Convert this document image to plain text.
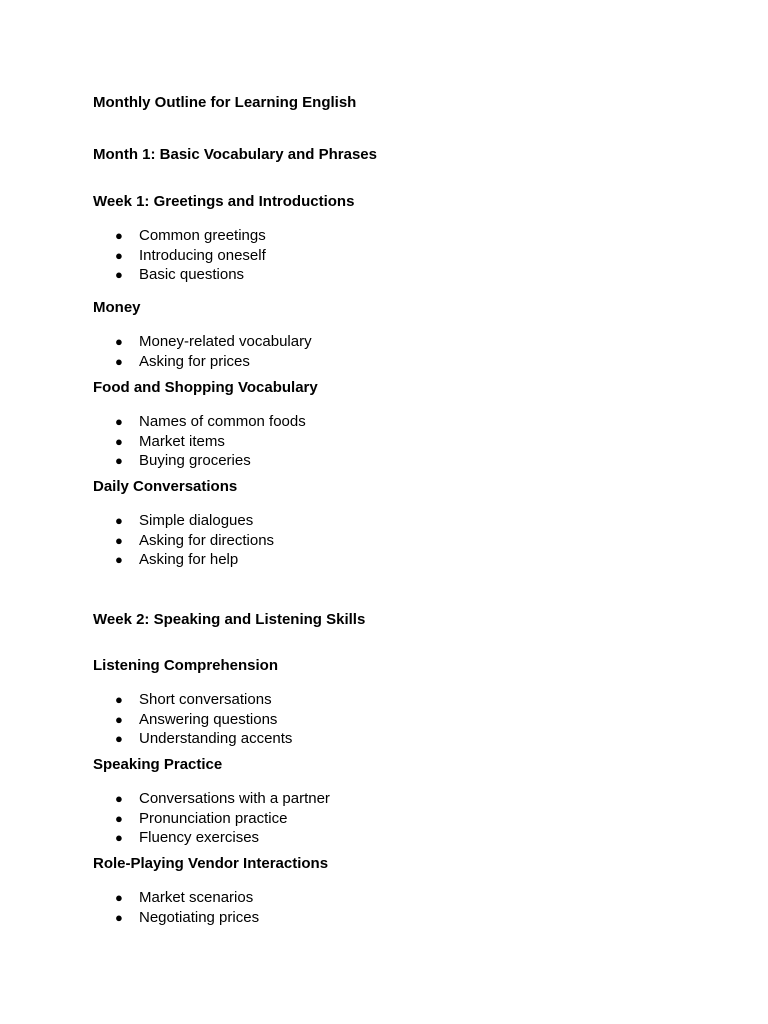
Monthly Outline for Learning English
Month 1: Basic Vocabulary and Phrases
Week 1: Greetings and Introductions
● Common greetings
● Introducing oneself
● Basic questions
Money
● Money-related vocabulary
● Asking for prices
Food and Shopping Vocabulary
● Names of common foods
● Market items
● Buying groceries
Daily Conversations
● Simple dialogues
● Asking for directions
● Asking for help
Week 2: Speaking and Listening Skills
Listening Comprehension
● Short conversations
● Answering questions
● Understanding accents
Speaking Practice
● Conversations with a partner
● Pronunciation practice
● Fluency exercises
Role-Playing Vendor Interactions
● Market scenarios
● Negotiating prices
